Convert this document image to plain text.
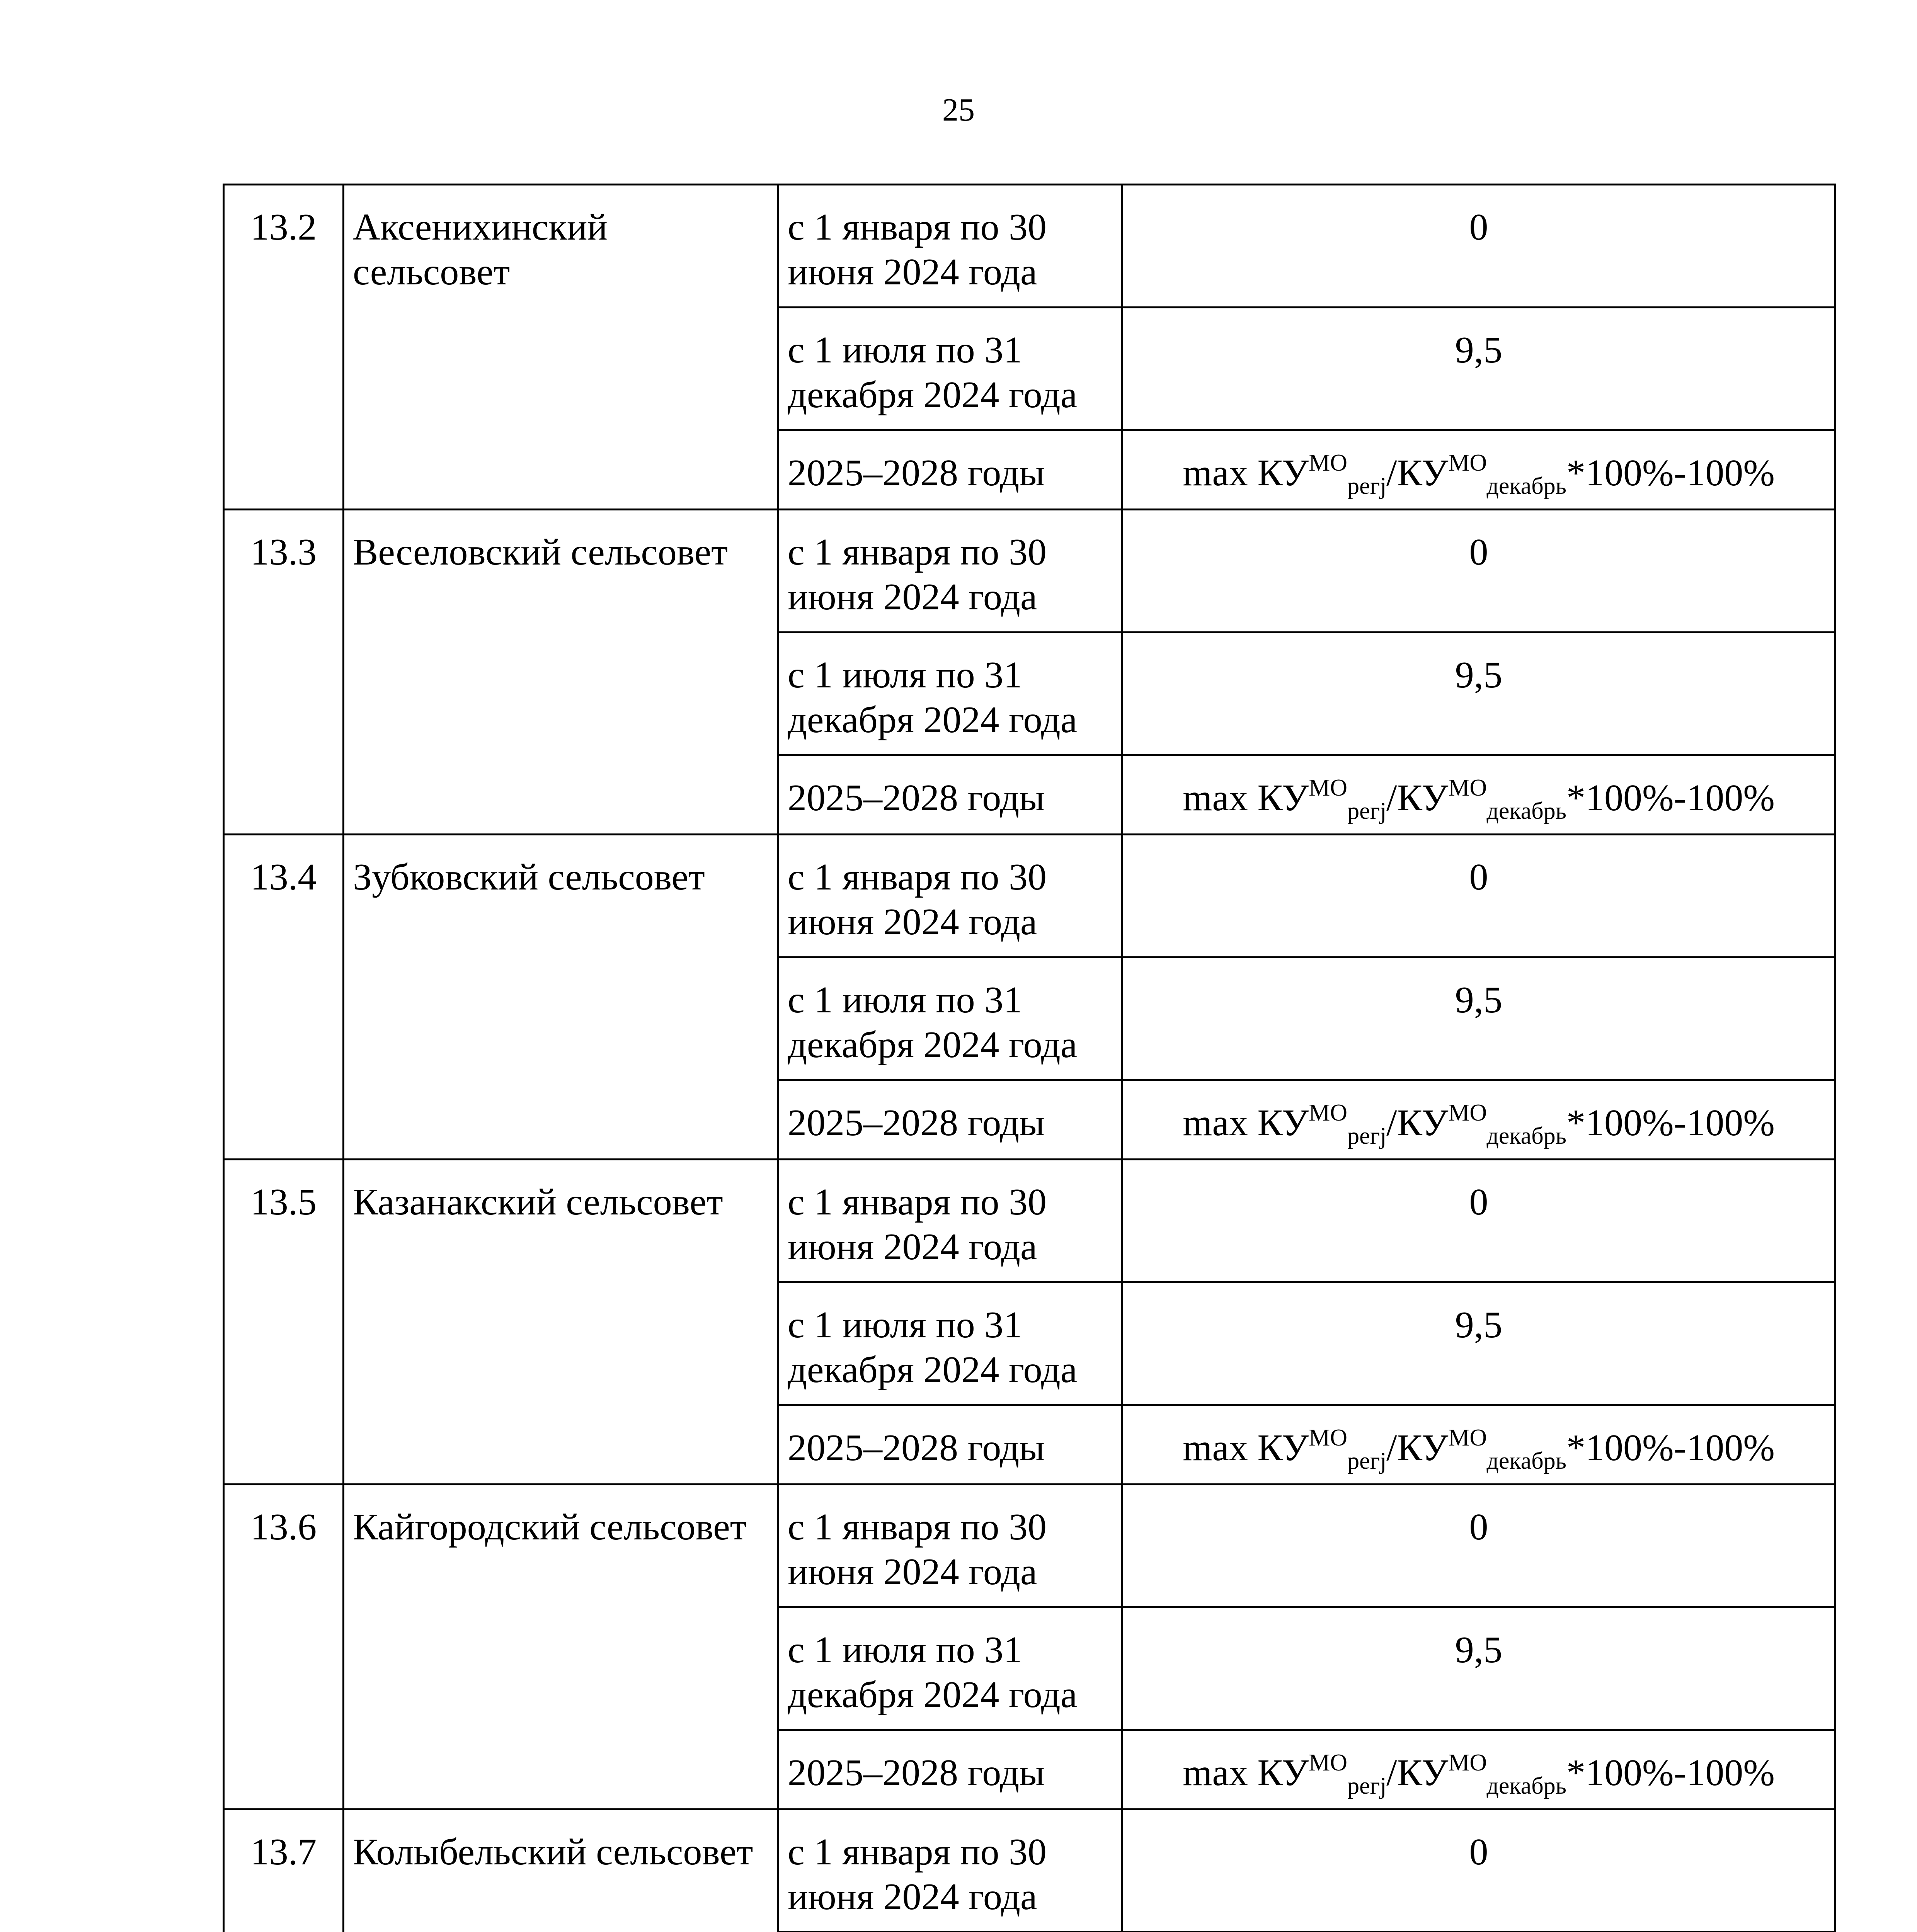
25
13.2	Аксенихинский сельсовет	с 1 января по 30 июня 2024 года	0
		с 1 июля по 31 декабря 2024 года	9,5
		2025–2028 годы	$\max КУ^{МО}_{регj}/КУ^{МО}_{декабрь}*100\%-100\%$
13.3	Веселовский сельсовет	с 1 января по 30 июня 2024 года	0
		с 1 июля по 31 декабря 2024 года	9,5
		2025–2028 годы	$\max КУ^{МО}_{регj}/КУ^{МО}_{декабрь}*100\%-100\%$
13.4	Зубковский сельсовет	с 1 января по 30 июня 2024 года	0
		с 1 июля по 31 декабря 2024 года	9,5
		2025–2028 годы	$\max КУ^{МО}_{регj}/КУ^{МО}_{декабрь}*100\%-100\%$
13.5	Казанакский сельсовет	с 1 января по 30 июня 2024 года	0
		с 1 июля по 31 декабря 2024 года	9,5
		2025–2028 годы	$\max КУ^{МО}_{регj}/КУ^{МО}_{декабрь}*100\%-100\%$
13.6	Кайгородский сельсовет	с 1 января по 30 июня 2024 года	0
		с 1 июля по 31 декабря 2024 года	9,5
		2025–2028 годы	$\max КУ^{МО}_{регj}/КУ^{МО}_{декабрь}*100\%-100\%$
13.7	Колыбельский сельсовет	с 1 января по 30 июня 2024 года	0
